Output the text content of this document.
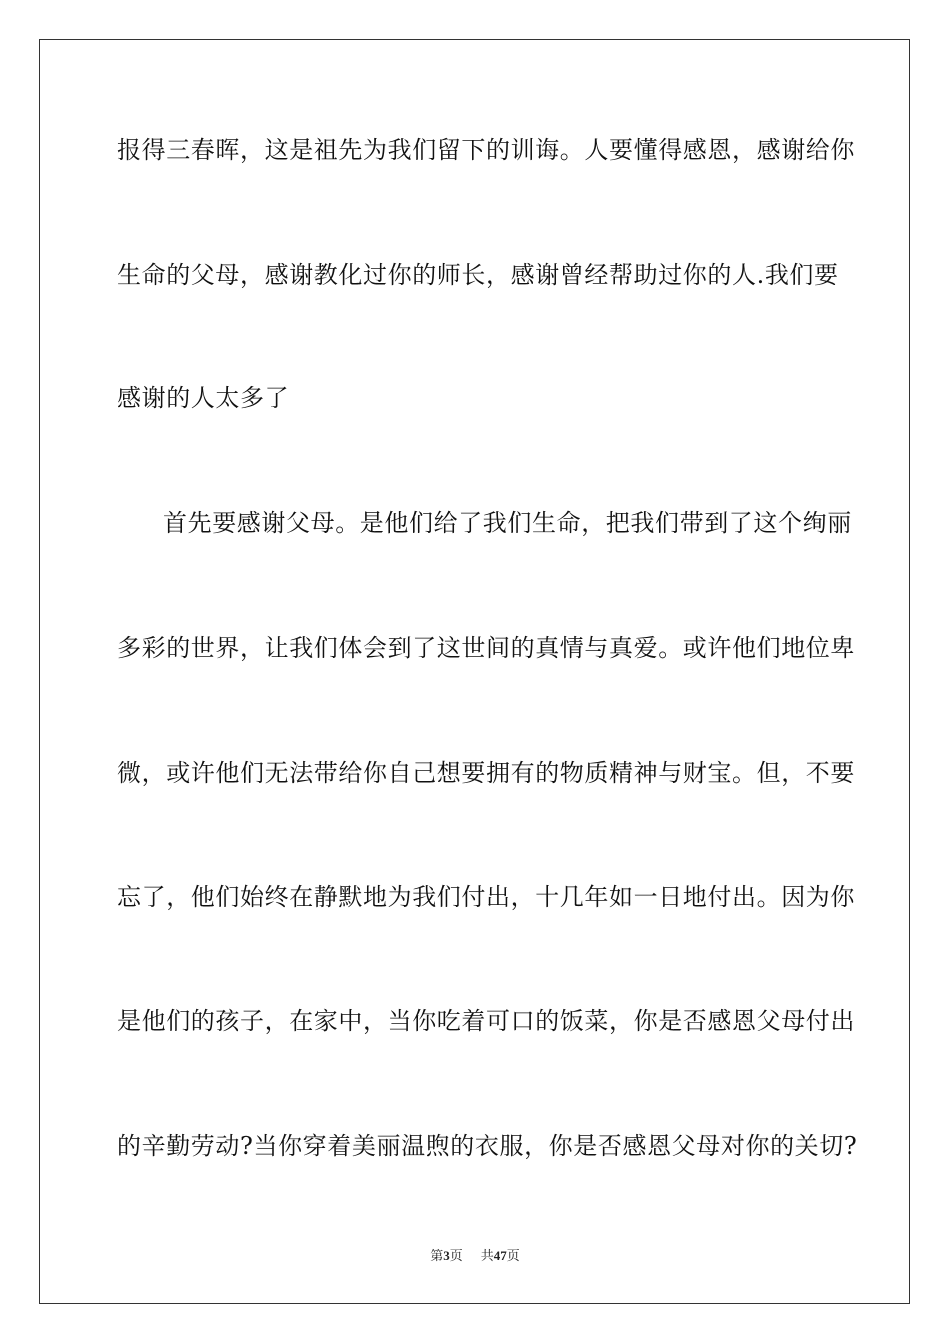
报得三春晖，这是祖先为我们留下的训诲。人要懂得感恩，感谢给你
生命的父母，感谢教化过你的师长，感谢曾经帮助过你的人.我们要
感谢的人太多了
首先要感谢父母。是他们给了我们生命，把我们带到了这个绚丽
多彩的世界，让我们体会到了这世间的真情与真爱。或许他们地位卑
微，或许他们无法带给你自己想要拥有的物质精神与财宝。但，不要
忘了，他们始终在静默地为我们付出，十几年如一日地付出。因为你
是他们的孩子，在家中，当你吃着可口的饭菜，你是否感恩父母付出
的辛勤劳动?当你穿着美丽温煦的衣服，你是否感恩父母对你的关切?
第3页 共47页
